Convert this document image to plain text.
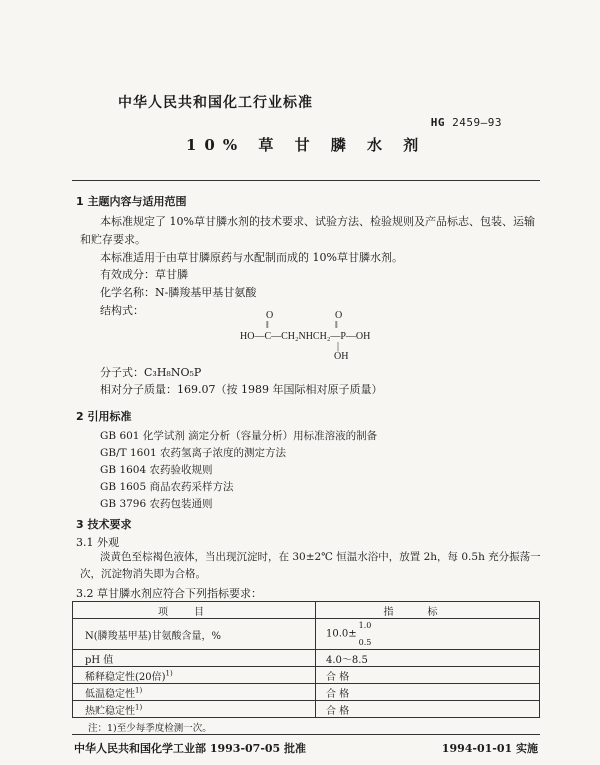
中华人民共和国化工行业标准
HG 2459—93
10% 草 甘 膦 水 剂
1 主题内容与适用范围
本标准规定了 10%草甘膦水剂的技术要求、试验方法、检验规则及产品标志、包装、运输和贮存要求。
本标准适用于由草甘膦原药与水配制而成的 10%草甘膦水剂。
有效成分：草甘膦
化学名称：N-膦羧基甲基甘氨酸
结构式：	O	O
‖	‖
HO—C—CH₂NHCH₂—P—OH
|
OH
分子式：C₃H₈NO₅P
相对分子质量：169.07（按 1989 年国际相对原子质量）
2 引用标准
GB 601 化学试剂 滴定分析（容量分析）用标准溶液的制备
GB/T 1601 农药氢离子浓度的测定方法
GB 1604 农药验收规则
GB 1605 商品农药采样方法
GB 3796 农药包装通则
3 技术要求
3.1 外观
淡黄色至棕褐色液体，当出现沉淀时，在 30±2℃ 恒温水浴中，放置 2h，每 0.5h 充分振荡一次，沉淀物消失即为合格。
3.2 草甘膦水剂应符合下列指标要求：
项目	指标
N(膦羧基甲基)甘氨酸含量，%	10.0±
1.0
0.5

pH 值	4.0～8.5
稀释稳定性(20倍)$^{1)}$	合 格
低温稳定性$^{1)}$	合 格
热贮稳定性$^{1)}$	合 格
注：1)至少每季度检测一次。
中华人民共和国化学工业部 1993-07-05 批准	1994-01-01 实施
